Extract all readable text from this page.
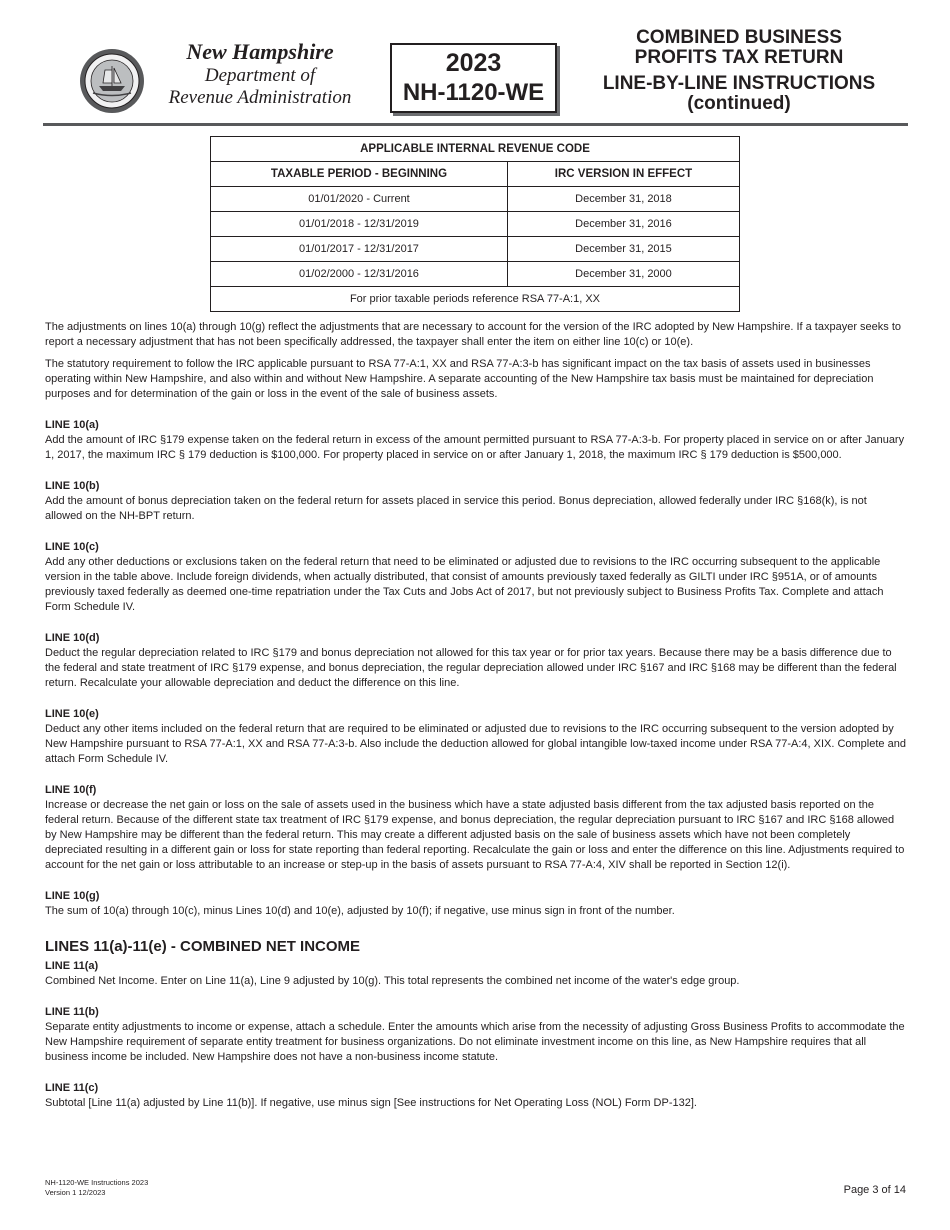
New Hampshire
Department of
Revenue Administration
2023
NH-1120-WE
COMBINED BUSINESS
PROFITS TAX RETURN
LINE-BY-LINE INSTRUCTIONS
(continued)
APPLICABLE INTERNAL REVENUE CODE	
TAXABLE PERIOD - BEGINNING	IRC VERSION IN EFFECT
01/01/2020 - Current	December 31, 2018
01/01/2018 - 12/31/2019	December 31, 2016
01/01/2017 - 12/31/2017	December 31, 2015
01/02/2000 - 12/31/2016	December 31, 2000
For prior taxable periods reference RSA 77-A:1, XX	

The adjustments on lines 10(a) through 10(g) reflect the adjustments that are necessary to account for the version of the IRC adopted by New Hampshire. If a taxpayer seeks to report a necessary adjustment that has not been specifically addressed, the taxpayer shall enter the item on either line 10(c) or 10(e).

The statutory requirement to follow the IRC applicable pursuant to RSA 77-A:1, XX and RSA 77-A:3-b has significant impact on the tax basis of assets used in businesses operating within New Hampshire, and also within and without New Hampshire. A separate accounting of the New Hampshire tax basis must be maintained for depreciation purposes and for determination of the gain or loss in the event of the sale of business assets.

LINE 10(a)

Add the amount of IRC §179 expense taken on the federal return in excess of the amount permitted pursuant to RSA 77-A:3-b. For property placed in service on or after January 1, 2017, the maximum IRC § 179 deduction is $100,000. For property placed in service on or after January 1, 2018, the maximum IRC § 179 deduction is $500,000.

LINE 10(b)

Add the amount of bonus depreciation taken on the federal return for assets placed in service this period. Bonus depreciation, allowed federally under IRC §168(k), is not allowed on the NH-BPT return.

LINE 10(c)

Add any other deductions or exclusions taken on the federal return that need to be eliminated or adjusted due to revisions to the IRC occurring subsequent to the applicable version in the table above. Include foreign dividends, when actually distributed, that consist of amounts previously taxed federally as GILTI under IRC §951A, or of amounts previously taxed federally as deemed one-time repatriation under the Tax Cuts and Jobs Act of 2017, but not previously subject to Business Profits Tax. Complete and attach Form Schedule IV.

LINE 10(d)

Deduct the regular depreciation related to IRC §179 and bonus depreciation not allowed for this tax year or for prior tax years. Because there may be a basis difference due to the federal and state treatment of IRC §179 expense, and bonus depreciation, the regular depreciation allowed under IRC §167 and IRC §168 may be different than the federal return. Recalculate your allowable depreciation and deduct the difference on this line.

LINE 10(e)

Deduct any other items included on the federal return that are required to be eliminated or adjusted due to revisions to the IRC occurring subsequent to the version adopted by New Hampshire pursuant to RSA 77-A:1, XX and RSA 77-A:3-b. Also include the deduction allowed for global intangible low-taxed income under RSA 77-A:4, XIX. Complete and attach Form Schedule IV.

LINE 10(f)

Increase or decrease the net gain or loss on the sale of assets used in the business which have a state adjusted basis different from the tax adjusted basis reported on the federal return. Because of the different state tax treatment of IRC §179 expense, and bonus depreciation, the regular depreciation pursuant to IRC §167 and IRC §168 allowed by New Hampshire may be different than the federal return. This may create a different adjusted basis on the sale of business assets which have not been completely depreciated resulting in a different gain or loss for state reporting than federal reporting. Recalculate the gain or loss and enter the difference on this line. Adjustments required to account for the net gain or loss attributable to an increase or step-up in the basis of assets pursuant to RSA 77-A:4, XIV shall be reported in Section 12(i).

LINE 10(g)

The sum of 10(a) through 10(c), minus Lines 10(d) and 10(e), adjusted by 10(f); if negative, use minus sign in front of the number.

LINES 11(a)-11(e) - COMBINED NET INCOME
LINE 11(a)

Combined Net Income. Enter on Line 11(a), Line 9 adjusted by 10(g). This total represents the combined net income of the water's edge group.

LINE 11(b)

Separate entity adjustments to income or expense, attach a schedule. Enter the amounts which arise from the necessity of adjusting Gross Business Profits to accommodate the New Hampshire requirement of separate entity treatment for business organizations. Do not eliminate investment income on this line, as New Hampshire requires that all business income be included. New Hampshire does not have a non-business income statute.

LINE 11(c)

Subtotal [Line 11(a) adjusted by Line 11(b)]. If negative, use minus sign [See instructions for Net Operating Loss (NOL) Form DP-132].

NH-1120-WE Instructions 2023
Version 1 12/2023	Page 3 of 14
